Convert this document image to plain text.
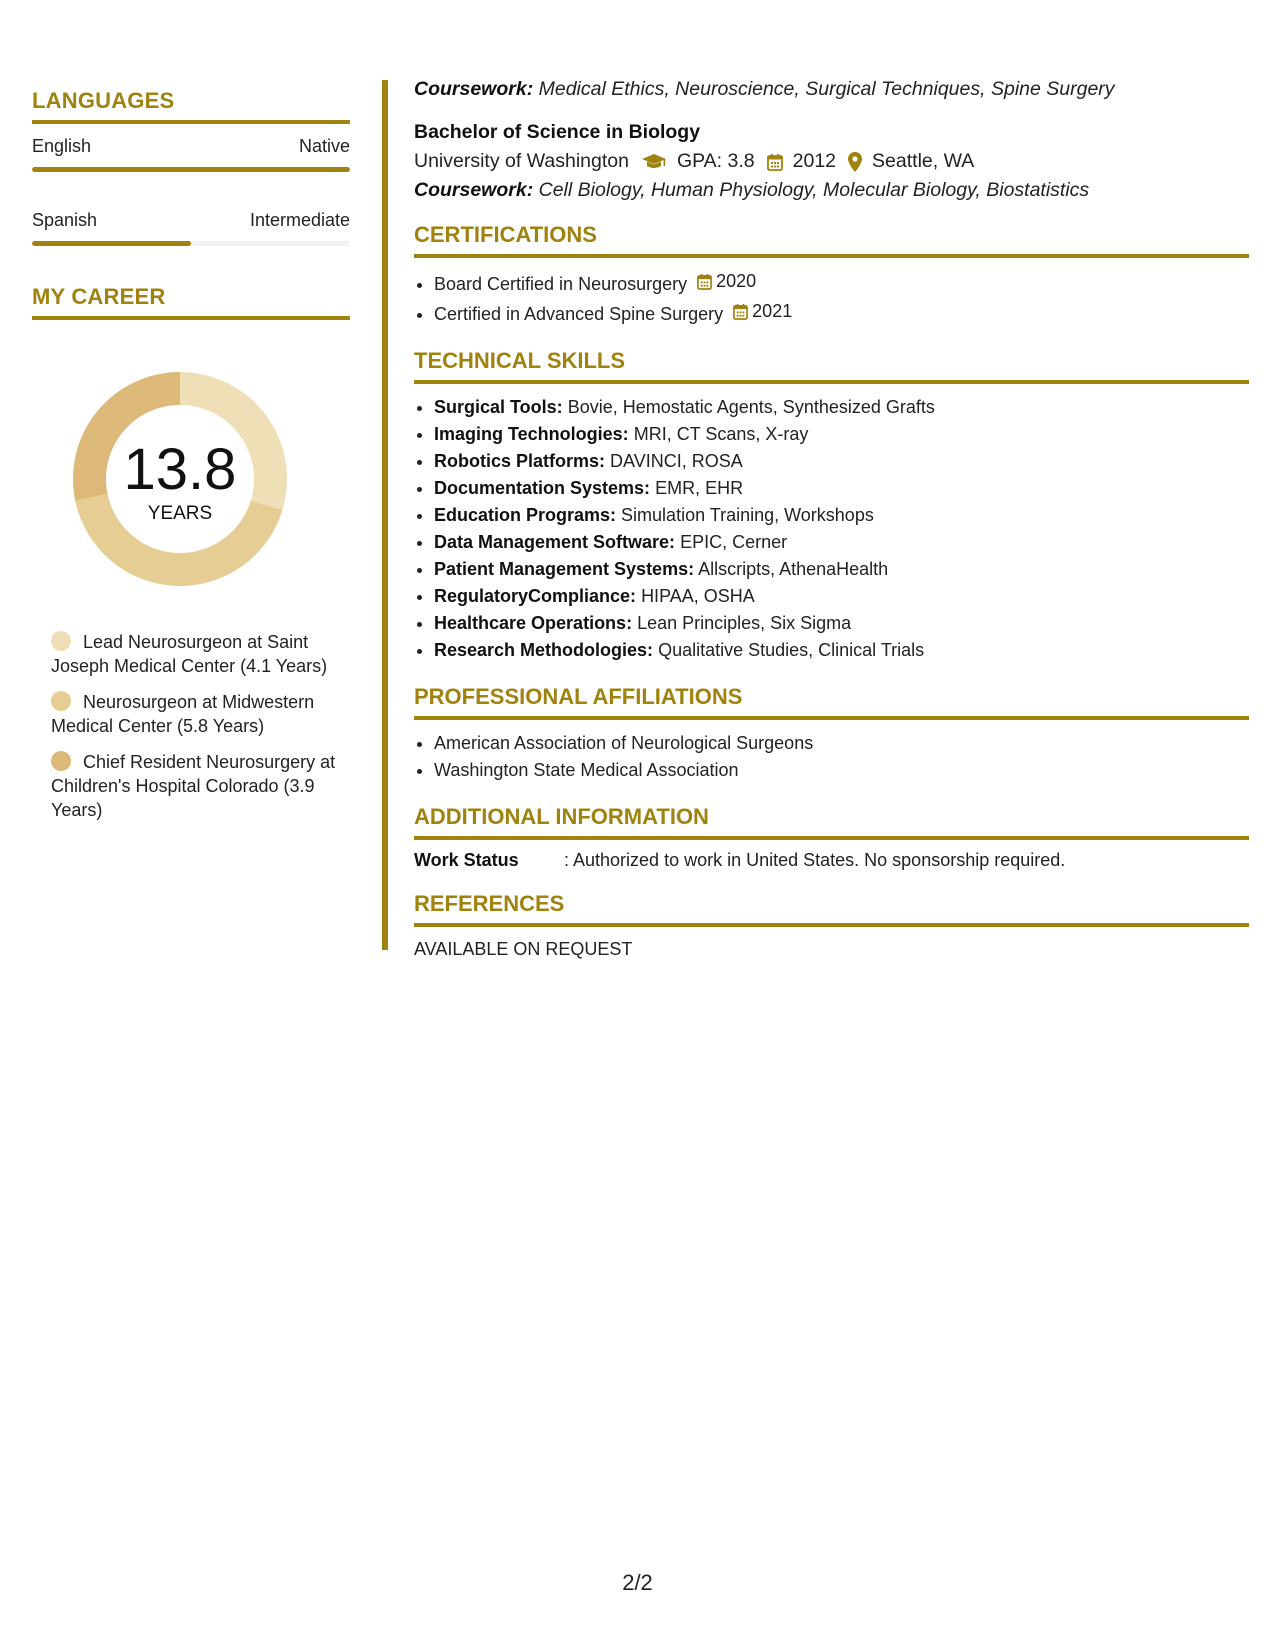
LANGUAGES
English	Native
Spanish	Intermediate
MY CAREER
13.8
YEARS
Lead Neurosurgeon at Saint Joseph Medical Center (4.1 Years)
Neurosurgeon at Midwestern Medical Center (5.8 Years)
Chief Resident Neurosurgery at Children's Hospital Colorado (3.9 Years)

Coursework: Medical Ethics, Neuroscience, Surgical Techniques, Spine Surgery

Bachelor of Science in Biology
University of Washington GPA: 3.8 2012 Seattle, WA

Coursework: Cell Biology, Human Physiology, Molecular Biology, Biostatistics

CERTIFICATIONS
• Board Certified in Neurosurgery 2020
• Certified in Advanced Spine Surgery 2021
TECHNICAL SKILLS
• Surgical Tools: Bovie, Hemostatic Agents, Synthesized Grafts
• Imaging Technologies: MRI, CT Scans, X-ray
• Robotics Platforms: DAVINCI, ROSA
• Documentation Systems: EMR, EHR
• Education Programs: Simulation Training, Workshops
• Data Management Software: EPIC, Cerner
• Patient Management Systems: Allscripts, AthenaHealth
• RegulatoryCompliance: HIPAA, OSHA
• Healthcare Operations: Lean Principles, Six Sigma
• Research Methodologies: Qualitative Studies, Clinical Trials
PROFESSIONAL AFFILIATIONS
• American Association of Neurological Surgeons
• Washington State Medical Association
ADDITIONAL INFORMATION
Work Status	: Authorized to work in United States. No sponsorship required.
REFERENCES
AVAILABLE ON REQUEST
2/2
